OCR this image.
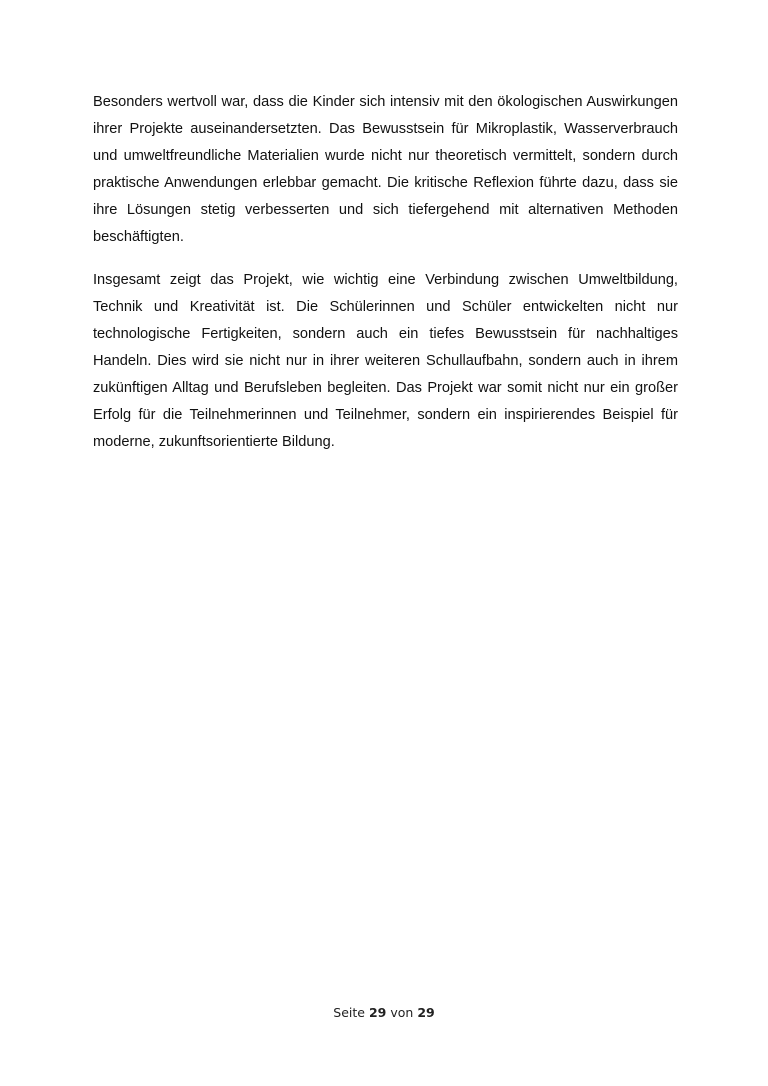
Besonders wertvoll war, dass die Kinder sich intensiv mit den ökologischen Auswirkungen ihrer Projekte auseinandersetzten. Das Bewusstsein für Mikroplastik, Wasserverbrauch und umweltfreundliche Materialien wurde nicht nur theoretisch vermittelt, sondern durch praktische Anwendungen erlebbar gemacht. Die kritische Reflexion führte dazu, dass sie ihre Lösungen stetig verbesserten und sich tiefergehend mit alternativen Methoden beschäftigten.

Insgesamt zeigt das Projekt, wie wichtig eine Verbindung zwischen Umweltbildung, Technik und Kreativität ist. Die Schülerinnen und Schüler entwickelten nicht nur technologische Fertigkeiten, sondern auch ein tiefes Bewusstsein für nachhaltiges Handeln. Dies wird sie nicht nur in ihrer weiteren Schullaufbahn, sondern auch in ihrem zukünftigen Alltag und Berufsleben begleiten. Das Projekt war somit nicht nur ein großer Erfolg für die Teilnehmerinnen und Teilnehmer, sondern ein inspirierendes Beispiel für moderne, zukunftsorientierte Bildung.

Seite 29 von 29
